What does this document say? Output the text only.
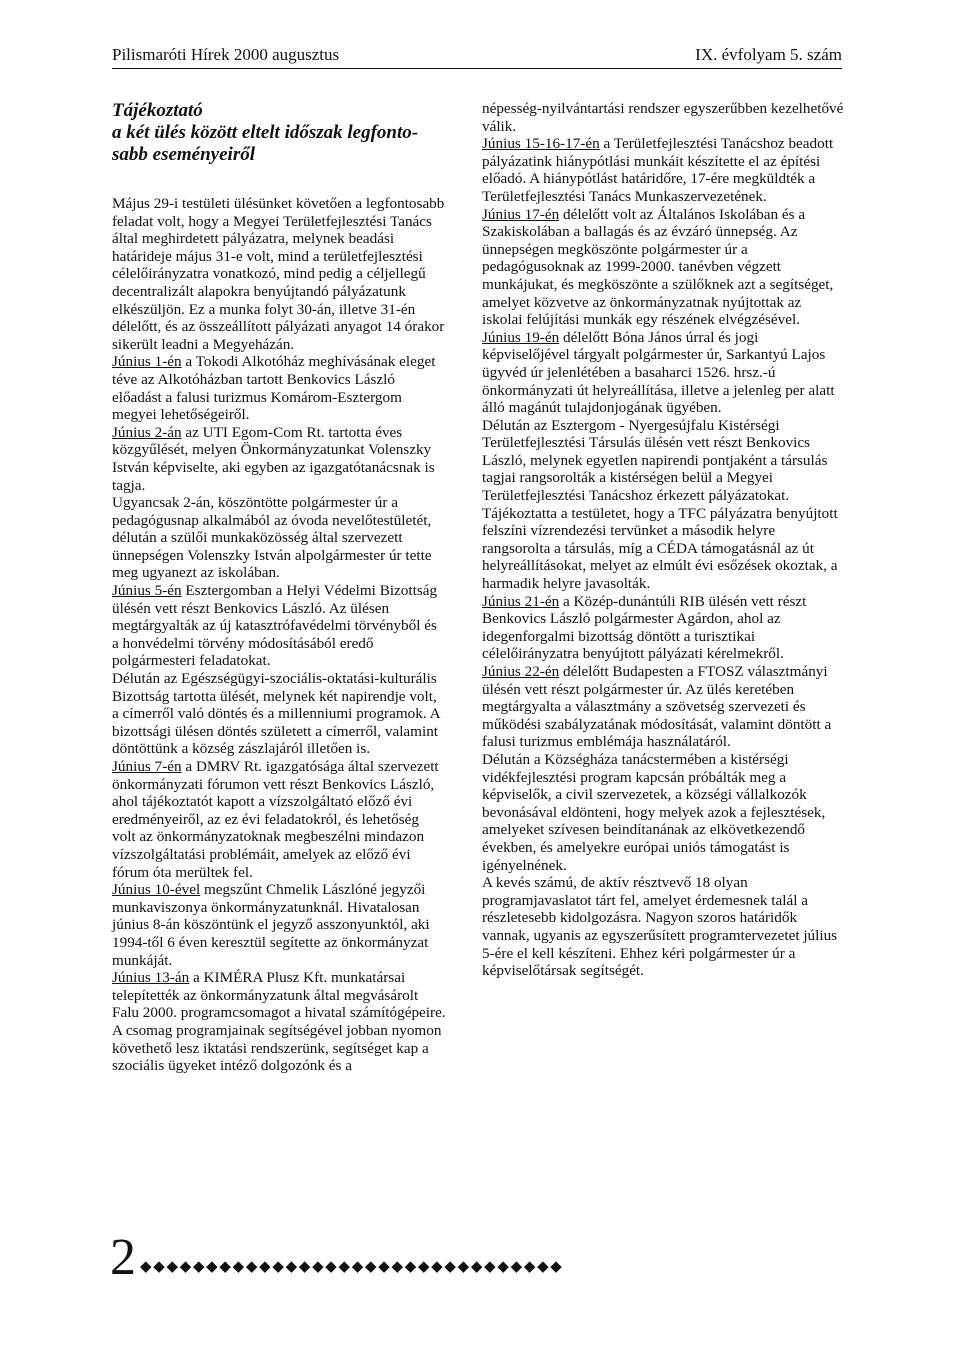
Pilismaróti Hírek 2000 augusztus	IX. évfolyam 5. szám
Tájékoztató
a két ülés között eltelt időszak legfonto-
sabb eseményeiről

Május 29-i testületi ülésünket követően a legfontosabb feladat volt, hogy a Megyei Területfejlesztési Tanács által meghirdetett pályázatra, melynek beadási határideje május 31-e volt, mind a területfejlesztési célelőirányzatra vonatkozó, mind pedig a céljellegű decentralizált alapokra benyújtandó pályázatunk elkészüljön. Ez a munka folyt 30-án, illetve 31-én délelőtt, és az összeállított pályázati anyagot 14 órakor sikerült leadni a Megyeházán.

Június 1-én a Tokodi Alkotóház meghívásának eleget téve az Alkotóházban tartott Benkovics László előadást a falusi turizmus Komárom-Esztergom megyei lehetőségeiről.

Június 2-án az UTI Egom-Com Rt. tartotta éves közgyűlését, melyen Önkormányzatunkat Volenszky István képviselte, aki egyben az igazgatótanácsnak is tagja.

Ugyancsak 2-án, köszöntötte polgármester úr a pedagógusnap alkalmából az óvoda nevelőtestületét, délután a szülői munkaközösség által szervezett ünnepségen Volenszky István alpolgármester úr tette meg ugyanezt az iskolában.

Június 5-én Esztergomban a Helyi Védelmi Bizottság ülésén vett részt Benkovics László. Az ülésen megtárgyalták az új katasztrófavédelmi törvényből és a honvédelmi törvény módosításából eredő polgármesteri feladatokat.

Délután az Egészségügyi-szociális-oktatási-kulturális Bizottság tartotta ülését, melynek két napirendje volt, a címerről való döntés és a millenniumi programok. A bizottsági ülésen döntés született a címerről, valamint döntöttünk a község zászlajáról illetően is.

Június 7-én a DMRV Rt. igazgatósága által szervezett önkormányzati fórumon vett részt Benkovics László, ahol tájékoztatót kapott a vízszolgáltató előző évi eredményeiről, az ez évi feladatokról, és lehetőség volt az önkormányzatoknak megbeszélni mindazon vízszolgáltatási problémáit, amelyek az előző évi fórum óta merültek fel.

Június 10-ével megszűnt Chmelik Lászlóné jegyzői munkaviszonya önkormányzatunknál. Hivatalosan június 8-án köszöntünk el jegyző asszonyunktól, aki 1994-től 6 éven keresztül segítette az önkormányzat munkáját.

Június 13-án a KIMÉRA Plusz Kft. munkatársai telepítették az önkormányzatunk által megvásárolt Falu 2000. programcsomagot a hivatal számítógépeire. A csomag programjainak segítségével jobban nyomon követhető lesz iktatási rendszerünk, segítséget kap a szociális ügyeket intéző dolgozónk és a

népesség-nyilvántartási rendszer egyszerűbben kezelhetővé válik.

Június 15-16-17-én a Területfejlesztési Tanácshoz beadott pályázatink hiánypótlási munkáit készítette el az építési előadó. A hiánypótlást határidőre, 17-ére megküldték a Területfejlesztési Tanács Munkaszervezetének.

Június 17-én délelőtt volt az Általános Iskolában és a Szakiskolában a ballagás és az évzáró ünnepség. Az ünnepségen megköszönte polgármester úr a pedagógusoknak az 1999-2000. tanévben végzett munkájukat, és megköszönte a szülőknek azt a segítséget, amelyet közvetve az önkormányzatnak nyújtottak az iskolai felújítási munkák egy részének elvégzésével.

Június 19-én délelőtt Bóna János úrral és jogi képviselőjével tárgyalt polgármester úr, Sarkantyú Lajos ügyvéd úr jelenlétében a basaharci 1526. hrsz.-ú önkormányzati út helyreállítása, illetve a jelenleg per alatt álló magánút tulajdonjogának ügyében.

Délután az Esztergom - Nyergesújfalu Kistérségi Területfejlesztési Társulás ülésén vett részt Benkovics László, melynek egyetlen napirendi pontjaként a társulás tagjai rangsorolták a kistérségen belül a Megyei Területfejlesztési Tanácshoz érkezett pályázatokat. Tájékoztatta a testületet, hogy a TFC pályázatra benyújtott felszíni vízrendezési tervünket a második helyre rangsorolta a társulás, míg a CÉDA támogatásnál az út helyreállításokat, melyet az elmúlt évi esőzések okoztak, a harmadik helyre javasolták.

Június 21-én a Közép-dunántúli RIB ülésén vett részt Benkovics László polgármester Agárdon, ahol az idegenforgalmi bizottság döntött a turisztikai célelőirányzatra benyújtott pályázati kérelmekről.

Június 22-én délelőtt Budapesten a FTOSZ választmányi ülésén vett részt polgármester úr. Az ülés keretében megtárgyalta a választmány a szövetség szervezeti és működési szabályzatának módosítását, valamint döntött a falusi turizmus emblémája használatáról.

Délután a Községháza tanácstermében a kistérségi vidékfejlesztési program kapcsán próbálták meg a képviselők, a civil szervezetek, a községi vállalkozók bevonásával eldönteni, hogy melyek azok a fejlesztések, amelyeket szívesen beindítanának az elkövetkezendő években, és amelyekre európai uniós támogatást is igényelnének.

A kevés számú, de aktív résztvevő 18 olyan programjavaslatot tárt fel, amelyet érdemesnek talál a részletesebb kidolgozásra. Nagyon szoros határidők vannak, ugyanis az egyszerűsített programtervezetet július 5-ére el kell készíteni. Ehhez kéri polgármester úr a képviselőtársak segítségét.

2 ◆◆◆◆◆◆◆◆◆◆◆◆◆◆◆◆◆◆◆◆◆◆◆◆◆◆◆◆◆◆◆◆
